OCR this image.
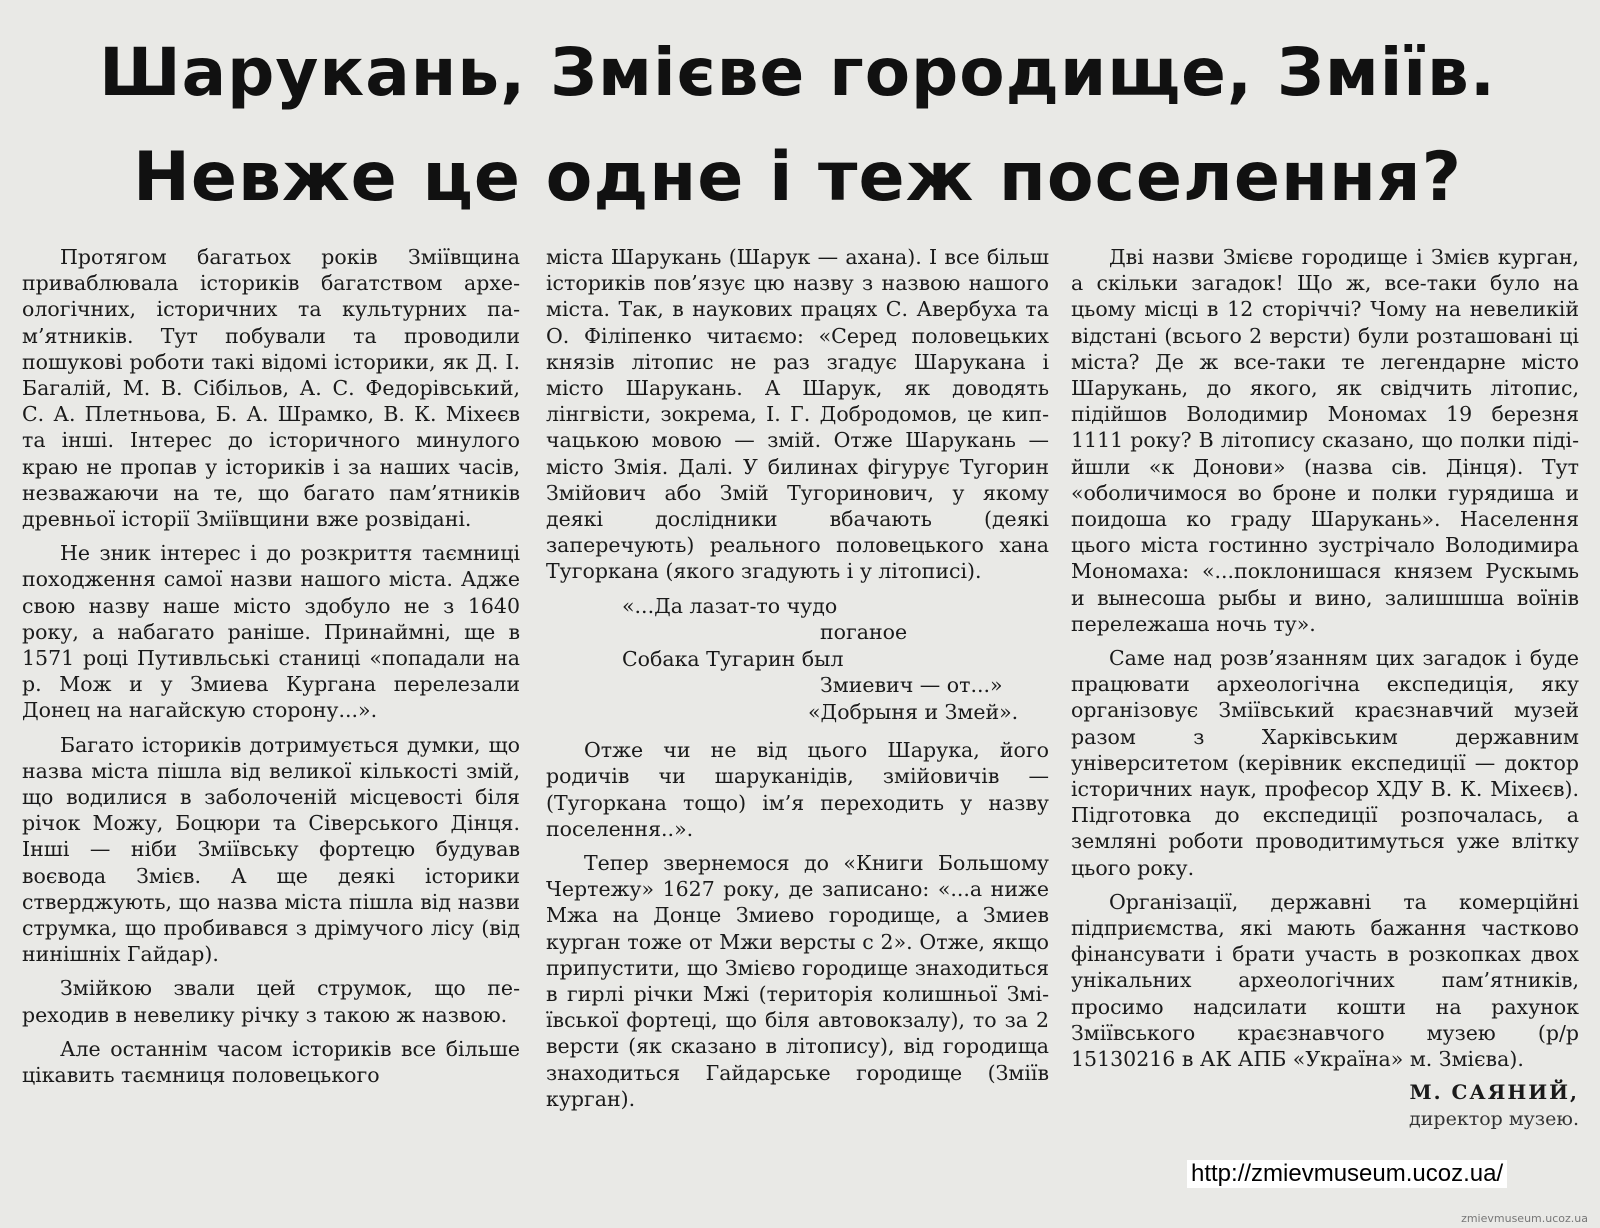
Шарукань, Змієве городище, Зміїв.
Невже це одне і теж поселення?

Протягом багатьох років Зміївщина приваблювала істориків багатством археологічних, історичних та культурних пам’ятників. Тут побували та проводили пошукові роботи такі відомі історики, як Д. І. Багалій, М. В. Сібільов, А. С. Федорівський, С. А. Плетньова, Б. А. Шрамко, В. К. Міхеєв та інші. Інтерес до історичного минулого краю не пропав у істориків і за наших часів, незважаючи на те, що багато пам’ятників древньої історії Зміївщини вже розвідані.

Не зник інтерес і до розкриття таємниці походження самої назви нашого міста. Адже свою назву наше місто здобуло не з 1640 року, а набагато раніше. Принаймні, ще в 1571 році Путивльські станиці «попадали на р. Мож и у Змиева Кургана перелезали Донец на нагайскую сторону...».

Багато істориків дотримується думки, що назва міста пішла від великої кількості змій, що водилися в заболоченій місцевості біля річок Можу, Боцюри та Сіверського Дінця. Інші — ніби Зміївську фортецю будував воєвода Змієв. А ще деякі історики стверджують, що назва міста пішла від назви струмка, що пробивався з дрімучого лісу (від нинішніх Гайдар).

Змійкою звали цей струмок, що переходив в невелику річку з такою ж назвою.

Але останнім часом істориків все більше цікавить таємниця половецького

міста Шарукань (Шарук — ахана). І все більш істориків пов’язує цю назву з назвою нашого міста. Так, в наукових працях С. Авербуха та О. Філіпенко читаємо: «Серед половецьких князів літопис не раз згадує Шарукана і місто Шарукань. А Шарук, як доводять лінгвісти, зокрема, І. Г. Добродомов, це кипчацькою мовою — змій. Отже Шарукань — місто Змія. Далі. У билинах фігурує Тугорин Змійович або Змій Тугоринович, у якому деякі дослідники вбачають (деякі заперечують) реального половецького хана Тугоркана (якого згадують і у літописі).

«...Да лазат-то чудо
поганое
Собака Тугарин был
Змиевич — от...»
«Добрыня и Змей».

Отже чи не від цього Шарука, його родичів чи шаруканідів, змійовичів — (Тугоркана тощо) ім’я переходить у назву поселення..».

Тепер звернемося до «Книги Большому Чертежу» 1627 року, де записано: «...а ниже Мжа на Донце Змиево городище, а Змиев курган тоже от Мжи версты с 2». Отже, якщо припустити, що Змієво городище знаходиться в гирлі річки Мжі (територія колишньої Зміївської фортеці, що біля автовокзалу), то за 2 версти (як сказано в літопису), від городища знаходиться Гайдарське городище (Зміїв курган).

Дві назви Змієве городище і Змієв курган, а скільки загадок! Що ж, все-таки було на цьому місці в 12 сторіччі? Чому на невеликій відстані (всього 2 версти) були розташовані ці міста? Де ж все-таки те легендарне місто Шарукань, до якого, як свідчить літопис, підійшов Володимир Мономах 19 березня 1111 року? В літопису сказано, що полки підійшли «к Донови» (назва сів. Дінця). Тут «оболичимося во броне и полки гурядиша и поидоша ко граду Шарукань». Населення цього міста гостинно зустрічало Володимира Мономаха: «...поклонишася князем Рускымь и вынесоша рыбы и вино, залишшша воїнів перележаша ночь ту».

Саме над розв’язанням цих загадок і буде працювати археологічна експедиція, яку організовує Зміївський краєзнавчий музей разом з Харківським державним університетом (керівник експедиції — доктор історичних наук, професор ХДУ В. К. Міхеєв). Підготовка до експедиції розпочалась, а земляні роботи проводитимуться уже влітку цього року.

Організації, державні та комерційні підприємства, які мають бажання частково фінансувати і брати участь в розкопках двох унікальних археологічних пам’ятників, просимо надсилати кошти на рахунок Зміївського краєзнавчого музею (р/р 15130216 в АК АПБ «Україна» м. Змієва).

М. САЯНИЙ,
директор музею.
http://zmievmuseum.ucoz.ua/
zmievmuseum.ucoz.ua
